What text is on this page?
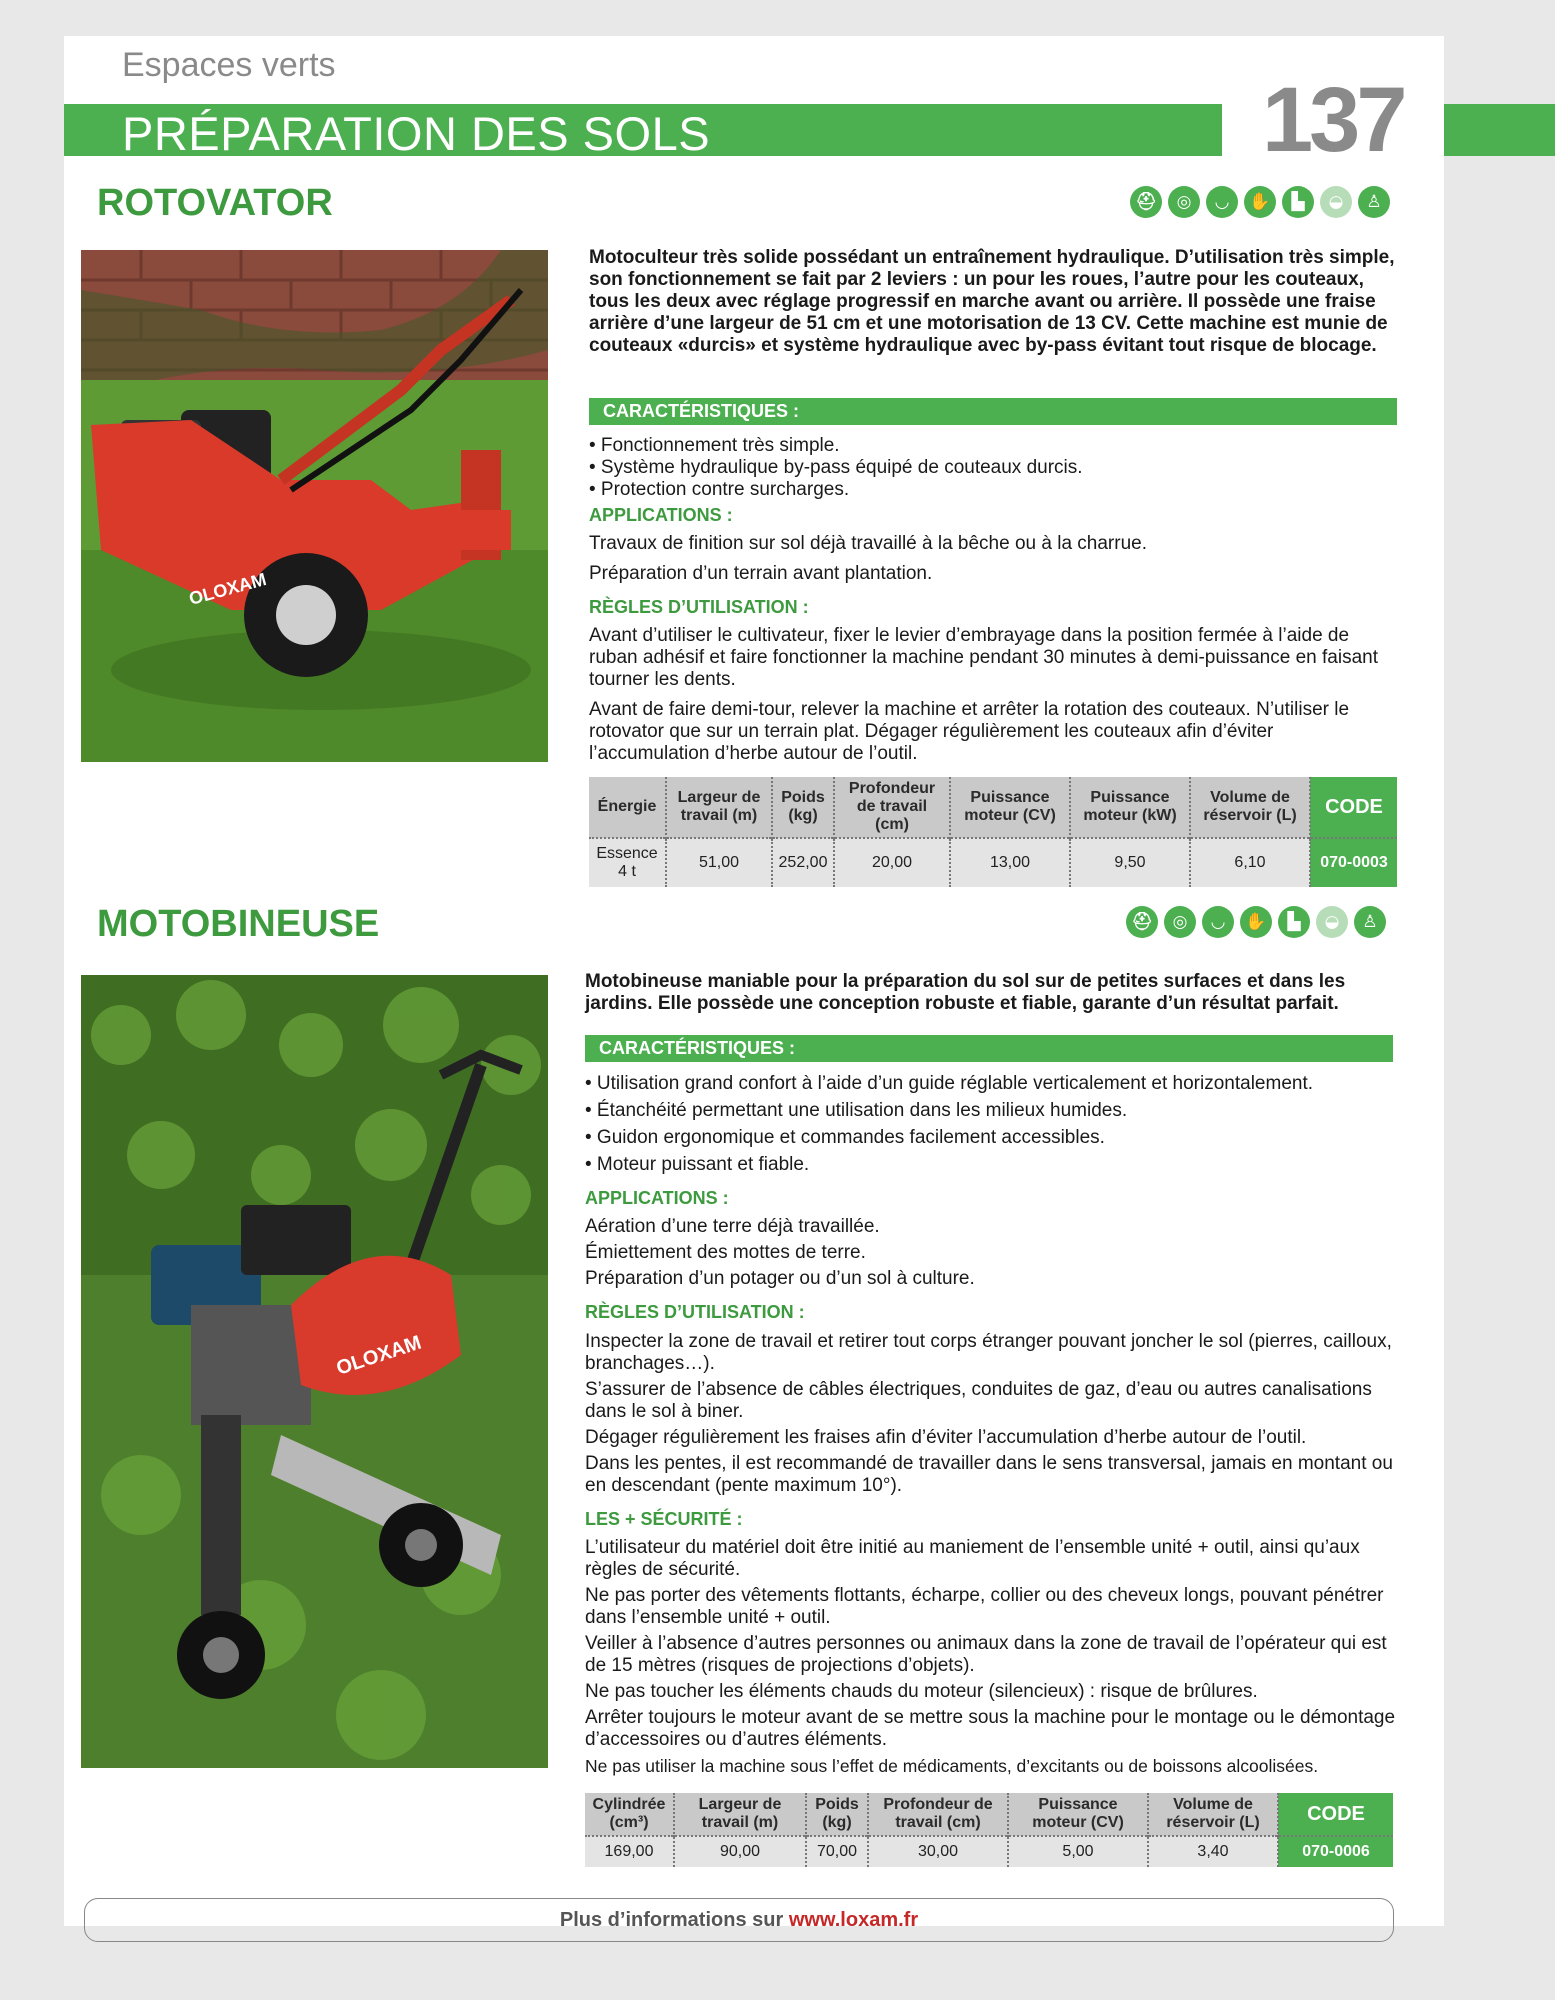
Espaces verts
PRÉPARATION DES SOLS	137
ROTOVATOR	⛑	◎	◡	✋	▙	◒	♙
OLOXAM
Motoculteur très solide possédant un entraînement hydraulique. D’utilisation très simple, son fonctionnement se fait par 2 leviers : un pour les roues, l’autre pour les couteaux, tous les deux avec réglage progressif en marche avant ou arrière. Il possède une fraise arrière d’une largeur de 51 cm et une motorisation de 13 CV. Cette machine est munie de couteaux «durcis» et système hydraulique avec by-pass évitant tout risque de blocage.
CARACTÉRISTIQUES :

• Fonctionnement très simple.

• Système hydraulique by-pass équipé de couteaux durcis.

• Protection contre surcharges.

APPLICATIONS :

Travaux de finition sur sol déjà travaillé à la bêche ou à la charrue.

Préparation d’un terrain avant plantation.

RÈGLES D’UTILISATION :

Avant d’utiliser le cultivateur, fixer le levier d’embrayage dans la position fermée à l’aide de ruban adhésif et faire fonctionner la machine pendant 30 minutes à demi-puissance en faisant tourner les dents.

Avant de faire demi-tour, relever la machine et arrêter la rotation des couteaux. N’utiliser le rotovator que sur un terrain plat. Dégager régulièrement les couteaux afin d’éviter l’accumulation d’herbe autour de l’outil.

Énergie	Largeur de travail (m)	Poids (kg)	Profondeur de travail (cm)	Puissance moteur (CV)	Puissance moteur (kW)	Volume de réservoir (L)	CODE
Essence 4 t	51,00	252,00	20,00	13,00	9,50	6,10	070-0003
MOTOBINEUSE	⛑	◎	◡	✋	▙	◒	♙
OLOXAM
Motobineuse maniable pour la préparation du sol sur de petites surfaces et dans les jardins. Elle possède une conception robuste et fiable, garante d’un résultat parfait.
CARACTÉRISTIQUES :

• Utilisation grand confort à l’aide d’un guide réglable verticalement et horizontalement.

• Étanchéité permettant une utilisation dans les milieux humides.

• Guidon ergonomique et commandes facilement accessibles.

• Moteur puissant et fiable.

APPLICATIONS :

Aération d’une terre déjà travaillée.

Émiettement des mottes de terre.

Préparation d’un potager ou d’un sol à culture.

RÈGLES D’UTILISATION :

Inspecter la zone de travail et retirer tout corps étranger pouvant joncher le sol (pierres, cailloux, branchages…).

S’assurer de l’absence de câbles électriques, conduites de gaz, d’eau ou autres canalisations dans le sol à biner.

Dégager régulièrement les fraises afin d’éviter l’accumulation d’herbe autour de l’outil.

Dans les pentes, il est recommandé de travailler dans le sens transversal, jamais en montant ou en descendant (pente maximum 10°).

LES + SÉCURITÉ :

L’utilisateur du matériel doit être initié au maniement de l’ensemble unité + outil, ainsi qu’aux règles de sécurité.

Ne pas porter des vêtements flottants, écharpe, collier ou des cheveux longs, pouvant pénétrer dans l’ensemble unité + outil.

Veiller à l’absence d’autres personnes ou animaux dans la zone de travail de l’opérateur qui est de 15 mètres (risques de projections d’objets).

Ne pas toucher les éléments chauds du moteur (silencieux) : risque de brûlures.

Arrêter toujours le moteur avant de se mettre sous la machine pour le montage ou le démontage d’accessoires ou d’autres éléments.

Ne pas utiliser la machine sous l’effet de médicaments, d’excitants ou de boissons alcoolisées.

Cylindrée (cm³)	Largeur de travail (m)	Poids (kg)	Profondeur de travail (cm)	Puissance moteur (CV)	Volume de réservoir (L)	CODE
169,00	90,00	70,00	30,00	5,00	3,40	070-0006
Plus d’informations sur www.loxam.fr
